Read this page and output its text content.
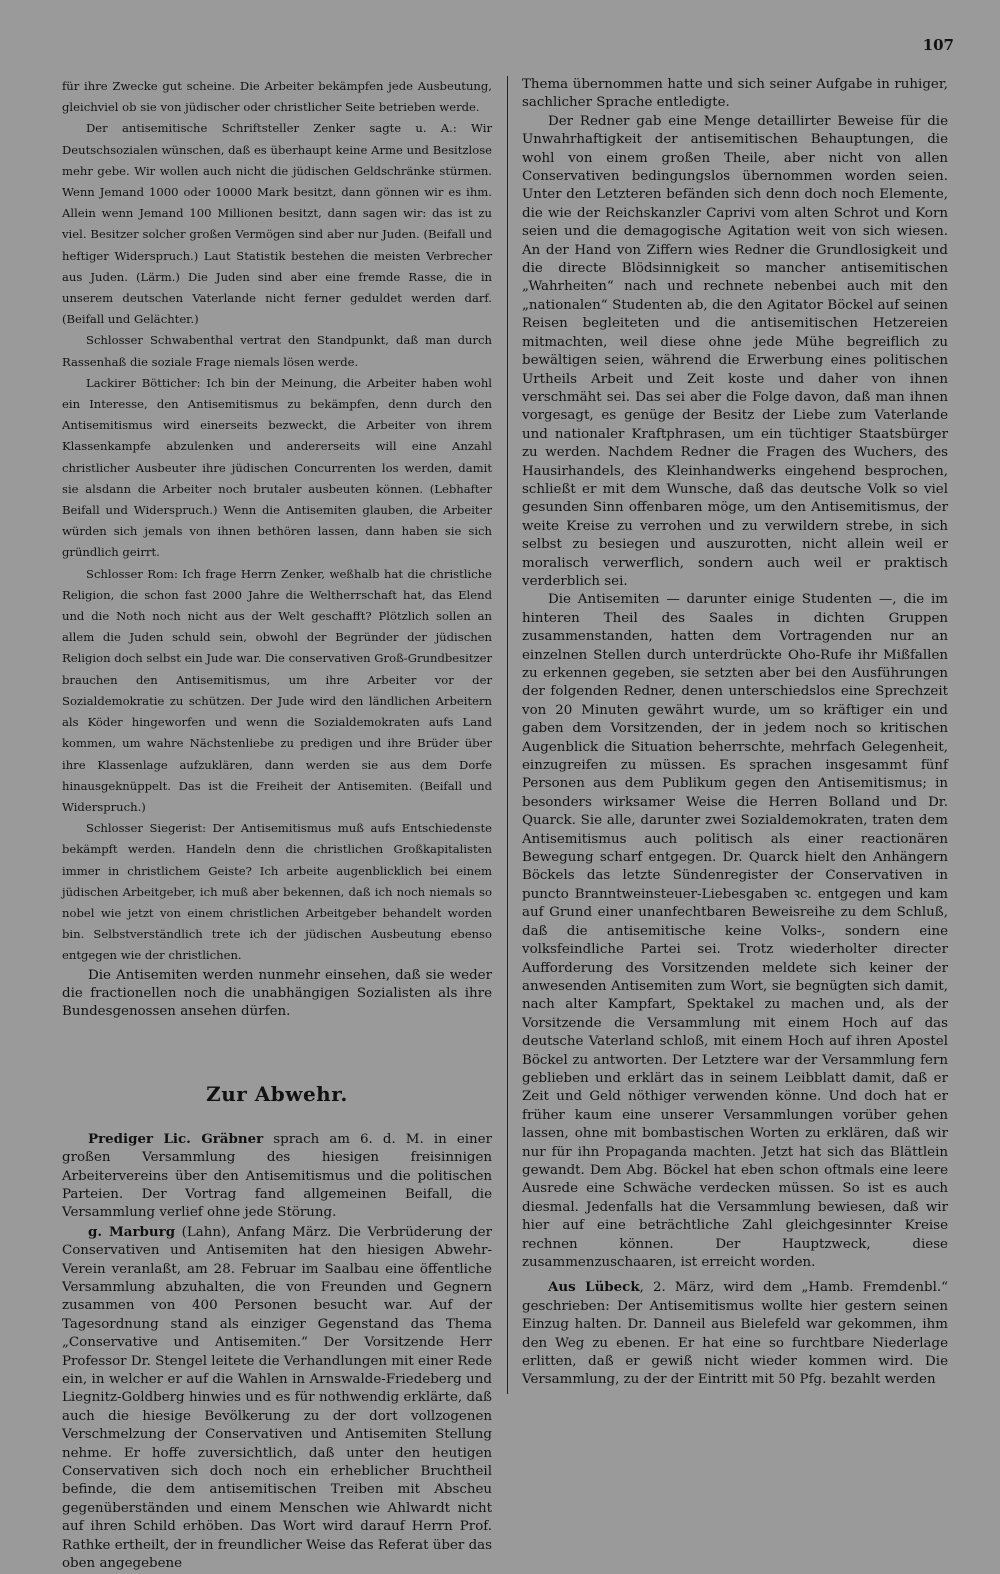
107

für ihre Zwecke gut scheine. Die Arbeiter bekämpfen jede Ausbeutung, gleichviel ob sie von jüdischer oder christlicher Seite betrieben werde.

Der antisemitische Schriftsteller Zenker sagte u. A.: Wir Deutschsozialen wünschen, daß es überhaupt keine Arme und Besitzlose mehr gebe. Wir wollen auch nicht die jüdischen Geldschränke stürmen. Wenn Jemand 1000 oder 10000 Mark besitzt, dann gönnen wir es ihm. Allein wenn Jemand 100 Millionen besitzt, dann sagen wir: das ist zu viel. Besitzer solcher großen Vermögen sind aber nur Juden. (Beifall und heftiger Widerspruch.) Laut Statistik bestehen die meisten Verbrecher aus Juden. (Lärm.) Die Juden sind aber eine fremde Rasse, die in unserem deutschen Vaterlande nicht ferner geduldet werden darf. (Beifall und Gelächter.)

Schlosser Schwabenthal vertrat den Standpunkt, daß man durch Rassenhaß die soziale Frage niemals lösen werde.

Lackirer Bötticher: Ich bin der Meinung, die Arbeiter haben wohl ein Interesse, den Antisemitismus zu bekämpfen, denn durch den Antisemitismus wird einerseits bezweckt, die Arbeiter von ihrem Klassenkampfe abzulenken und andererseits will eine Anzahl christlicher Ausbeuter ihre jüdischen Concurrenten los werden, damit sie alsdann die Arbeiter noch brutaler ausbeuten können. (Lebhafter Beifall und Widerspruch.) Wenn die Antisemiten glauben, die Arbeiter würden sich jemals von ihnen bethören lassen, dann haben sie sich gründlich geirrt.

Schlosser Rom: Ich frage Herrn Zenker, weßhalb hat die christliche Religion, die schon fast 2000 Jahre die Weltherrschaft hat, das Elend und die Noth noch nicht aus der Welt geschafft? Plötzlich sollen an allem die Juden schuld sein, obwohl der Begründer der jüdischen Religion doch selbst ein Jude war. Die conservativen Groß-Grundbesitzer brauchen den Antisemitismus, um ihre Arbeiter vor der Sozialdemokratie zu schützen. Der Jude wird den ländlichen Arbeitern als Köder hingeworfen und wenn die Sozialdemokraten aufs Land kommen, um wahre Nächstenliebe zu predigen und ihre Brüder über ihre Klassenlage aufzuklären, dann werden sie aus dem Dorfe hinausgeknüppelt. Das ist die Freiheit der Antisemiten. (Beifall und Widerspruch.)

Schlosser Siegerist: Der Antisemitismus muß aufs Entschiedenste bekämpft werden. Handeln denn die christlichen Großkapitalisten immer in christlichem Geiste? Ich arbeite augenblicklich bei einem jüdischen Arbeitgeber, ich muß aber bekennen, daß ich noch niemals so nobel wie jetzt von einem christlichen Arbeitgeber behandelt worden bin. Selbstverständlich trete ich der jüdischen Ausbeutung ebenso entgegen wie der christlichen.

Die Antisemiten werden nunmehr einsehen, daß sie weder die fractionellen noch die unabhängigen Sozialisten als ihre Bundesgenossen ansehen dürfen.

Zur Abwehr.

Prediger Lic. Gräbner sprach am 6. d. M. in einer großen Versammlung des hiesigen freisinnigen Arbeitervereins über den Antisemitismus und die politischen Parteien. Der Vortrag fand allgemeinen Beifall, die Versammlung verlief ohne jede Störung.

g. Marburg (Lahn), Anfang März. Die Verbrüderung der Conservativen und Antisemiten hat den hiesigen Abwehr-Verein veranlaßt, am 28. Februar im Saalbau eine öffentliche Versammlung abzuhalten, die von Freunden und Gegnern zusammen von 400 Personen besucht war. Auf der Tagesordnung stand als einziger Gegenstand das Thema „Conservative und Antisemiten.“ Der Vorsitzende Herr Professor Dr. Stengel leitete die Verhandlungen mit einer Rede ein, in welcher er auf die Wahlen in Arnswalde-Friedeberg und Liegnitz-Goldberg hinwies und es für nothwendig erklärte, daß auch die hiesige Bevölkerung zu der dort vollzogenen Verschmelzung der Conservativen und Antisemiten Stellung nehme. Er hoffe zuversichtlich, daß unter den heutigen Conservativen sich doch noch ein erheblicher Bruchtheil befinde, die dem antisemitischen Treiben mit Abscheu gegenüberständen und einem Menschen wie Ahlwardt nicht auf ihren Schild erhöben. Das Wort wird darauf Herrn Prof. Rathke ertheilt, der in freundlicher Weise das Referat über das oben angegebene

Thema übernommen hatte und sich seiner Aufgabe in ruhiger, sachlicher Sprache entledigte.

Der Redner gab eine Menge detaillirter Beweise für die Unwahrhaftigkeit der antisemitischen Behauptungen, die wohl von einem großen Theile, aber nicht von allen Conservativen bedingungslos übernommen worden seien. Unter den Letzteren befänden sich denn doch noch Elemente, die wie der Reichskanzler Caprivi vom alten Schrot und Korn seien und die demagogische Agitation weit von sich wiesen. An der Hand von Ziffern wies Redner die Grundlosigkeit und die directe Blödsinnigkeit so mancher antisemitischen „Wahrheiten“ nach und rechnete nebenbei auch mit den „nationalen“ Studenten ab, die den Agitator Böckel auf seinen Reisen begleiteten und die antisemitischen Hetzereien mitmachten, weil diese ohne jede Mühe begreiflich zu bewältigen seien, während die Erwerbung eines politischen Urtheils Arbeit und Zeit koste und daher von ihnen verschmäht sei. Das sei aber die Folge davon, daß man ihnen vorgesagt, es genüge der Besitz der Liebe zum Vaterlande und nationaler Kraftphrasen, um ein tüchtiger Staatsbürger zu werden. Nachdem Redner die Fragen des Wuchers, des Hausirhandels, des Kleinhandwerks eingehend besprochen, schließt er mit dem Wunsche, daß das deutsche Volk so viel gesunden Sinn offenbaren möge, um den Antisemitismus, der weite Kreise zu verrohen und zu verwildern strebe, in sich selbst zu besiegen und auszurotten, nicht allein weil er moralisch verwerflich, sondern auch weil er praktisch verderblich sei.

Die Antisemiten — darunter einige Studenten —, die im hinteren Theil des Saales in dichten Gruppen zusammenstanden, hatten dem Vortragenden nur an einzelnen Stellen durch unterdrückte Oho-Rufe ihr Mißfallen zu erkennen gegeben, sie setzten aber bei den Ausführungen der folgenden Redner, denen unterschiedslos eine Sprechzeit von 20 Minuten gewährt wurde, um so kräftiger ein und gaben dem Vorsitzenden, der in jedem noch so kritischen Augenblick die Situation beherrschte, mehrfach Gelegenheit, einzugreifen zu müssen. Es sprachen insgesammt fünf Personen aus dem Publikum gegen den Antisemitismus; in besonders wirksamer Weise die Herren Bolland und Dr. Quarck. Sie alle, darunter zwei Sozialdemokraten, traten dem Antisemitismus auch politisch als einer reactionären Bewegung scharf entgegen. Dr. Quarck hielt den Anhängern Böckels das letzte Sündenregister der Conservativen in puncto Branntweinsteuer-Liebesgaben ꝛc. entgegen und kam auf Grund einer unanfechtbaren Beweisreihe zu dem Schluß, daß die antisemitische keine Volks-, sondern eine volksfeindliche Partei sei. Trotz wiederholter directer Aufforderung des Vorsitzenden meldete sich keiner der anwesenden Antisemiten zum Wort, sie begnügten sich damit, nach alter Kampfart, Spektakel zu machen und, als der Vorsitzende die Versammlung mit einem Hoch auf das deutsche Vaterland schloß, mit einem Hoch auf ihren Apostel Böckel zu antworten. Der Letztere war der Versammlung fern geblieben und erklärt das in seinem Leibblatt damit, daß er Zeit und Geld nöthiger verwenden könne. Und doch hat er früher kaum eine unserer Versammlungen vorüber gehen lassen, ohne mit bombastischen Worten zu erklären, daß wir nur für ihn Propaganda machten. Jetzt hat sich das Blättlein gewandt. Dem Abg. Böckel hat eben schon oftmals eine leere Ausrede eine Schwäche verdecken müssen. So ist es auch diesmal. Jedenfalls hat die Versammlung bewiesen, daß wir hier auf eine beträchtliche Zahl gleichgesinnter Kreise rechnen können. Der Hauptzweck, diese zusammenzuschaaren, ist erreicht worden.

Aus Lübeck, 2. März, wird dem „Hamb. Fremdenbl.“ geschrieben: Der Antisemitismus wollte hier gestern seinen Einzug halten. Dr. Danneil aus Bielefeld war gekommen, ihm den Weg zu ebenen. Er hat eine so furchtbare Niederlage erlitten, daß er gewiß nicht wieder kommen wird. Die Versammlung, zu der der Eintritt mit 50 Pfg. bezahlt werden
